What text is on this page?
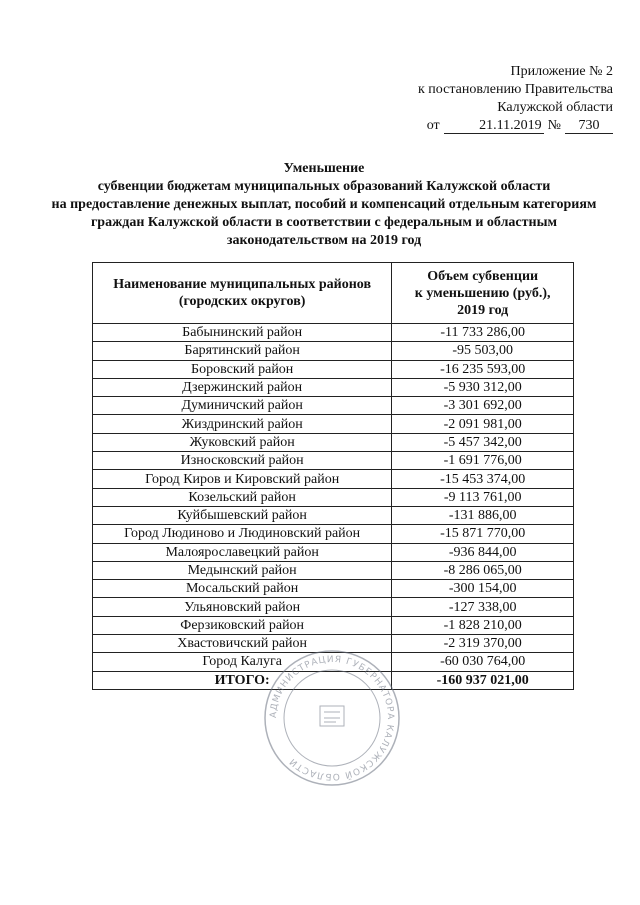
Приложение № 2
к постановлению Правительства
Калужской области
от	21.11.2019 №	730
Уменьшение
субвенции бюджетам муниципальных образований Калужской области
на предоставление денежных выплат, пособий и компенсаций отдельным категориям
граждан Калужской области в соответствии с федеральным и областным
законодательством на 2019 год
Наименование муниципальных районов
(городских округов)	Объем субвенции
к уменьшению (руб.),
2019 год
Бабынинский район	-11 733 286,00
Барятинский район	-95 503,00
Боровский район	-16 235 593,00
Дзержинский район	-5 930 312,00
Думиничский район	-3 301 692,00
Жиздринский район	-2 091 981,00
Жуковский район	-5 457 342,00
Износковский район	-1 691 776,00
Город Киров и Кировский район	-15 453 374,00
Козельский район	-9 113 761,00
Куйбышевский район	-131 886,00
Город Людиново и Людиновский район	-15 871 770,00
Малоярославецкий район	-936 844,00
Медынский район	-8 286 065,00
Мосальский район	-300 154,00
Ульяновский район	-127 338,00
Ферзиковский район	-1 828 210,00
Хвастовичский район	-2 319 370,00
Город Калуга	-60 030 764,00
ИТОГО:	-160 937 021,00
АДМИНИСТРАЦИЯ ГУБЕРНАТОРА КАЛУЖСКОЙ ОБЛАСТИ
